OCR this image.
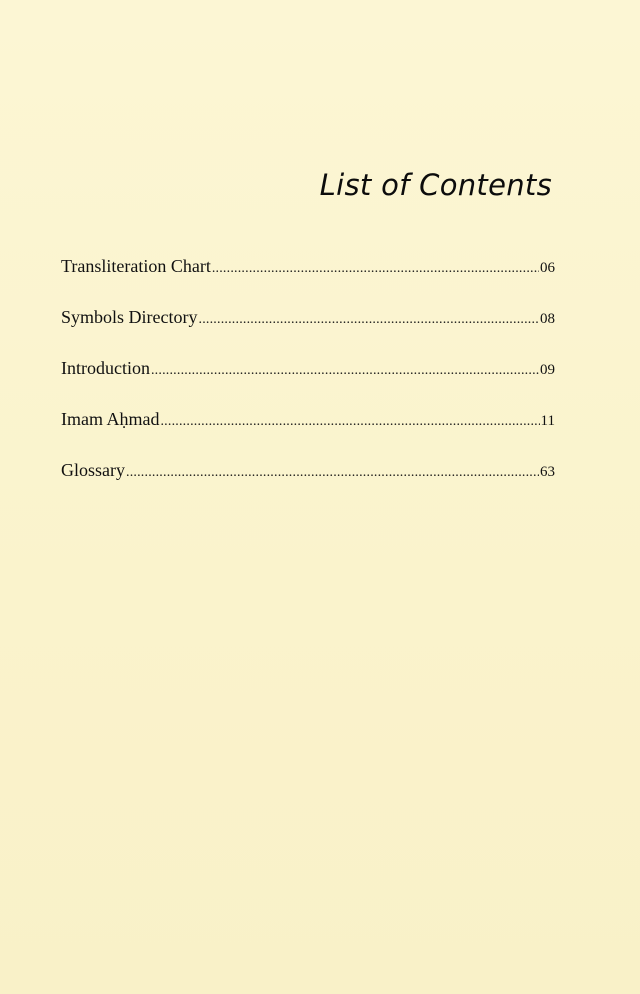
List of Contents
Transliteration Chart .....	06
Symbols Directory .....	08
Introduction .....	09
Imam Aḥmad .....	11
Glossary .....	63
